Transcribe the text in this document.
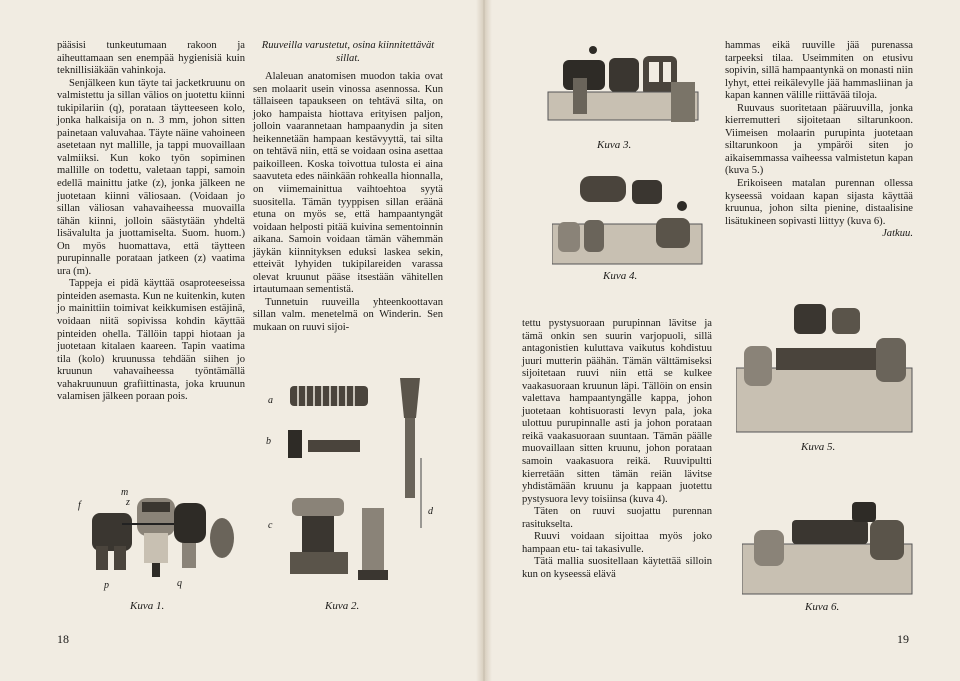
pääsisi tunkeutumaan rakoon ja aiheuttamaan sen enempää hygienisiä kuin teknillisiäkään vahinkoja.

Senjälkeen kun täyte tai jacketkruunu on valmistettu ja sillan välios on juotettu kiinni tukipilariin (q), porataan täytteeseen kolo, jonka halkaisija on n. 3 mm, johon sitten painetaan valuvahaa. Täyte näine vahoineen asetetaan nyt mallille, ja tappi muovaillaan valmiiksi. Kun koko työn sopiminen mallille on todettu, valetaan tappi, samoin edellä mainittu jatke (z), jonka jälkeen ne juotetaan kiinni väliosaan. (Voidaan jo sillan väliosan vahavaiheessa muovailla tähän kiinni, jolloin säästytään yhdeltä lisävalulta ja juottamiselta. Suom. huom.) On myös huomattava, että täytteen purupinnalle porataan jatkeen (z) vaatima ura (m).

Tappeja ei pidä käyttää osaproteeseissa pinteiden asemasta. Kun ne kuitenkin, kuten jo mainittiin toimivat keikkumisen estäjinä, voidaan niitä sopivissa kohdin käyttää pinteiden ohella. Tällöin tappi hiotaan ja juotetaan kitalaen kaareen. Tapin vaatima tila (kolo) kruunussa tehdään siihen jo kruunun vahavaiheessa työntämällä vahakruunuun grafiittinasta, joka kruunun valamisen jälkeen poraan pois.

Ruuveilla varustetut, osina kiinnitettävät sillat.

Alaleuan anatomisen muodon takia ovat sen molaarit usein vinossa asennossa. Kun tällaiseen tapaukseen on tehtävä silta, on joko hampaista hiottava erityisen paljon, jolloin vaarannetaan hampaanydin ja siten heikennetään hampaan kestävyyttä, tai silta on tehtävä niin, että se voidaan osina asettaa paikoilleen. Koska toivottua tulosta ei aina saavuteta edes näinkään rohkealla hionnalla, on viimemainittua vaihtoehtoa syytä suositella. Tämän tyyppisen sillan eräänä etuna on myös se, että hampaantyngät voidaan helposti pitää kuivina sementoinnin aikana. Samoin voidaan tämän vähemmän jäykän kiinnityksen eduksi laskea sekin, etteivät lyhyiden tukipilareiden varassa olevat kruunut pääse itsestään vähitellen irtautumaan sementistä.

Tunnetuin ruuveilla yhteenkoottavan sillan valm. menetelmä on Winderin. Sen mukaan on ruuvi sijoi-

f
m
z
p	q
a
b
c
d
Kuva 1.	Kuva 2.
18
Kuva 3.
Kuva 4.

tettu pystysuoraan purupinnan lävitse ja tämä onkin sen suurin varjopuoli, sillä antagonistien kuluttava vaikutus kohdistuu juuri mutterin päähän. Tämän välttämiseksi sijoitetaan ruuvi niin että se kulkee vaakasuoraan kruunun läpi. Tällöin on ensin valettava hampaantyngälle kappa, johon juotetaan kohtisuorasti levyn pala, joka ulottuu purupinnalle asti ja johon porataan reikä vaakasuoraan suuntaan. Tämän päälle muovaillaan sitten kruunu, johon porataan samoin vaakasuora reikä. Ruuvipultti kierretään sitten tämän reiän lävitse yhdistämään kruunu ja kappaan juotettu pystysuora levy toisiinsa (kuva 4).

Täten on ruuvi suojattu purennan rasitukselta.

Ruuvi voidaan sijoittaa myös joko hampaan etu- tai takasivulle.

Tätä mallia suositellaan käytettää silloin kun on kyseessä elävä

hammas eikä ruuville jää purenassa tarpeeksi tilaa. Useimmiten on etusivu sopivin, sillä hampaantynkä on monasti niin lyhyt, ettei reikälevylle jää hammasliinan ja kapan kannen välille riittävää tiloja.

Ruuvaus suoritetaan pääruuvilla, jonka kierremutteri sijoitetaan siltarunkoon. Viimeisen molaarin purupinta juotetaan siltarunkoon ja ympäröi siten jo aikaisemmassa vaiheessa valmistetun kapan (kuva 5.)

Erikoiseen matalan purennan ollessa kyseessä voidaan kapan sijasta käyttää kruunua, johon silta pienine, distaalisine lisätukineen sopivasti liittyy (kuva 6).

Jatkuu.

Kuva 5.
Kuva 6.
19
